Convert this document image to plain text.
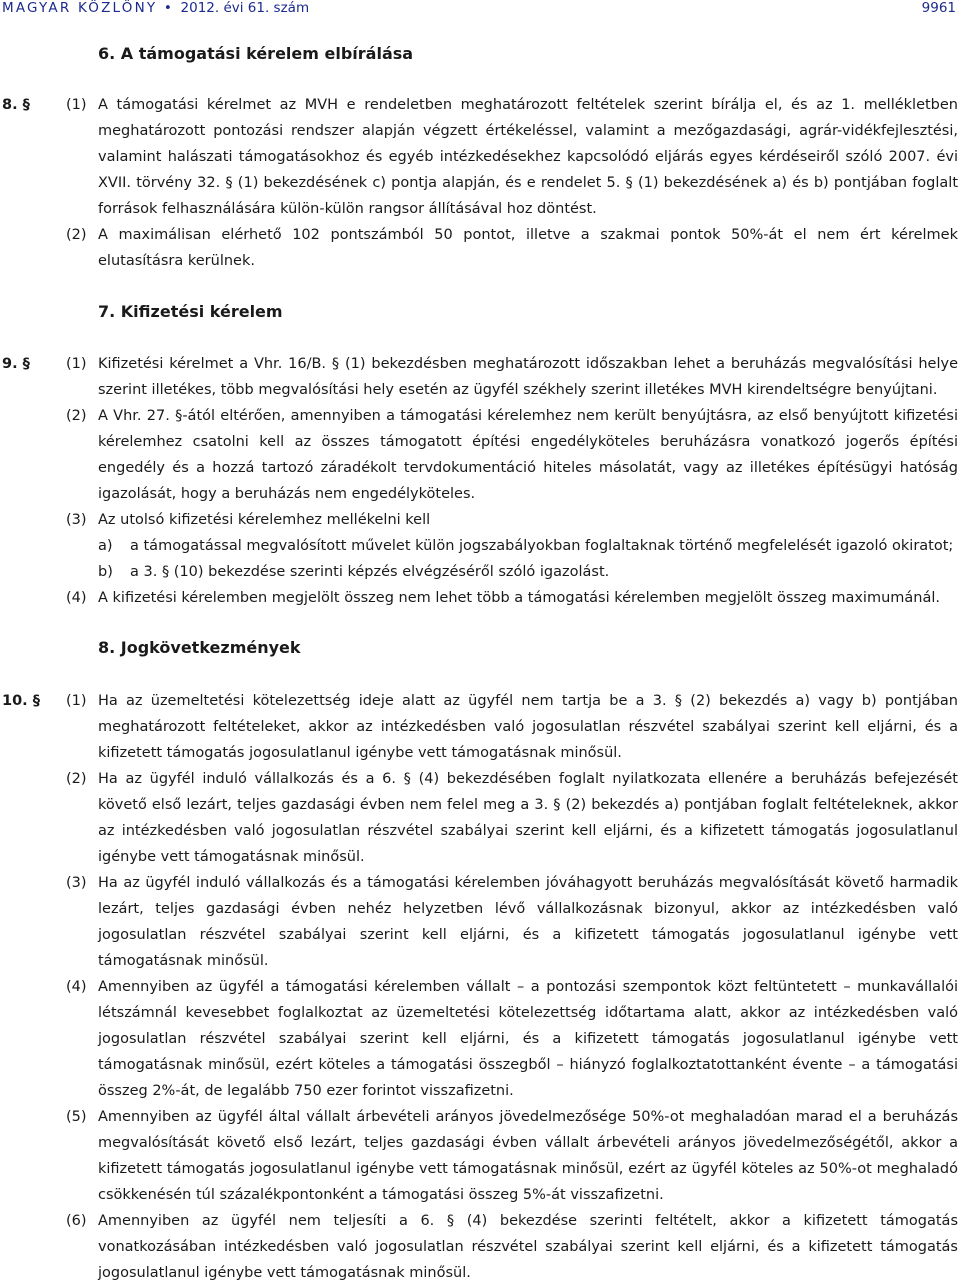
MAGYAR KÖZLÖNY • 2012. évi 61. szám	9961
6. A támogatási kérelem elbírálása
8. § (1) A támogatási kérelmet az MVH e rendeletben meghatározott feltételek szerint bírálja el, és az 1. mellékletben meghatározott pontozási rendszer alapján végzett értékeléssel, valamint a mezőgazdasági, agrár-vidékfejlesztési, valamint halászati támogatásokhoz és egyéb intézkedésekhez kapcsolódó eljárás egyes kérdéseiről szóló 2007. évi XVII. törvény 32. § (1) bekezdésének c) pontja alapján, és e rendelet 5. § (1) bekezdésének a) és b) pontjában foglalt források felhasználására külön-külön rangsor állításával hoz döntést.
(2) A maximálisan elérhető 102 pontszámból 50 pontot, illetve a szakmai pontok 50%-át el nem ért kérelmek elutasításra kerülnek.
7. Kifizetési kérelem
9. § (1) Kifizetési kérelmet a Vhr. 16/B. § (1) bekezdésben meghatározott időszakban lehet a beruházás megvalósítási helye szerint illetékes, több megvalósítási hely esetén az ügyfél székhely szerint illetékes MVH kirendeltségre benyújtani.
(2) A Vhr. 27. §-ától eltérően, amennyiben a támogatási kérelemhez nem került benyújtásra, az első benyújtott kifizetési kérelemhez csatolni kell az összes támogatott építési engedélyköteles beruházásra vonatkozó jogerős építési engedély és a hozzá tartozó záradékolt tervdokumentáció hiteles másolatát, vagy az illetékes építésügyi hatóság igazolását, hogy a beruházás nem engedélyköteles.
(3) Az utolsó kifizetési kérelemhez mellékelni kell
a) a támogatással megvalósított művelet külön jogszabályokban foglaltaknak történő megfelelését igazoló okiratot;
b) a 3. § (10) bekezdése szerinti képzés elvégzéséről szóló igazolást.
(4) A kifizetési kérelemben megjelölt összeg nem lehet több a támogatási kérelemben megjelölt összeg maximumánál.
8. Jogkövetkezmények
10. § (1) Ha az üzemeltetési kötelezettség ideje alatt az ügyfél nem tartja be a 3. § (2) bekezdés a) vagy b) pontjában meghatározott feltételeket, akkor az intézkedésben való jogosulatlan részvétel szabályai szerint kell eljárni, és a kifizetett támogatás jogosulatlanul igénybe vett támogatásnak minősül.
(2) Ha az ügyfél induló vállalkozás és a 6. § (4) bekezdésében foglalt nyilatkozata ellenére a beruházás befejezését követő első lezárt, teljes gazdasági évben nem felel meg a 3. § (2) bekezdés a) pontjában foglalt feltételeknek, akkor az intézkedésben való jogosulatlan részvétel szabályai szerint kell eljárni, és a kifizetett támogatás jogosulatlanul igénybe vett támogatásnak minősül.
(3) Ha az ügyfél induló vállalkozás és a támogatási kérelemben jóváhagyott beruházás megvalósítását követő harmadik lezárt, teljes gazdasági évben nehéz helyzetben lévő vállalkozásnak bizonyul, akkor az intézkedésben való jogosulatlan részvétel szabályai szerint kell eljárni, és a kifizetett támogatás jogosulatlanul igénybe vett támogatásnak minősül.
(4) Amennyiben az ügyfél a támogatási kérelemben vállalt – a pontozási szempontok közt feltüntetett – munkavállalói létszámnál kevesebbet foglalkoztat az üzemeltetési kötelezettség időtartama alatt, akkor az intézkedésben való jogosulatlan részvétel szabályai szerint kell eljárni, és a kifizetett támogatás jogosulatlanul igénybe vett támogatásnak minősül, ezért köteles a támogatási összegből – hiányzó foglalkoztatottanként évente – a támogatási összeg 2%-át, de legalább 750 ezer forintot visszafizetni.
(5) Amennyiben az ügyfél által vállalt árbevételi arányos jövedelmezősége 50%-ot meghaladóan marad el a beruházás megvalósítását követő első lezárt, teljes gazdasági évben vállalt árbevételi arányos jövedelmezőségétől, akkor a kifizetett támogatás jogosulatlanul igénybe vett támogatásnak minősül, ezért az ügyfél köteles az 50%-ot meghaladó csökkenésén túl százalékpontonként a támogatási összeg 5%-át visszafizetni.
(6) Amennyiben az ügyfél nem teljesíti a 6. § (4) bekezdése szerinti feltételt, akkor a kifizetett támogatás vonatkozásában intézkedésben való jogosulatlan részvétel szabályai szerint kell eljárni, és a kifizetett támogatás jogosulatlanul igénybe vett támogatásnak minősül.
